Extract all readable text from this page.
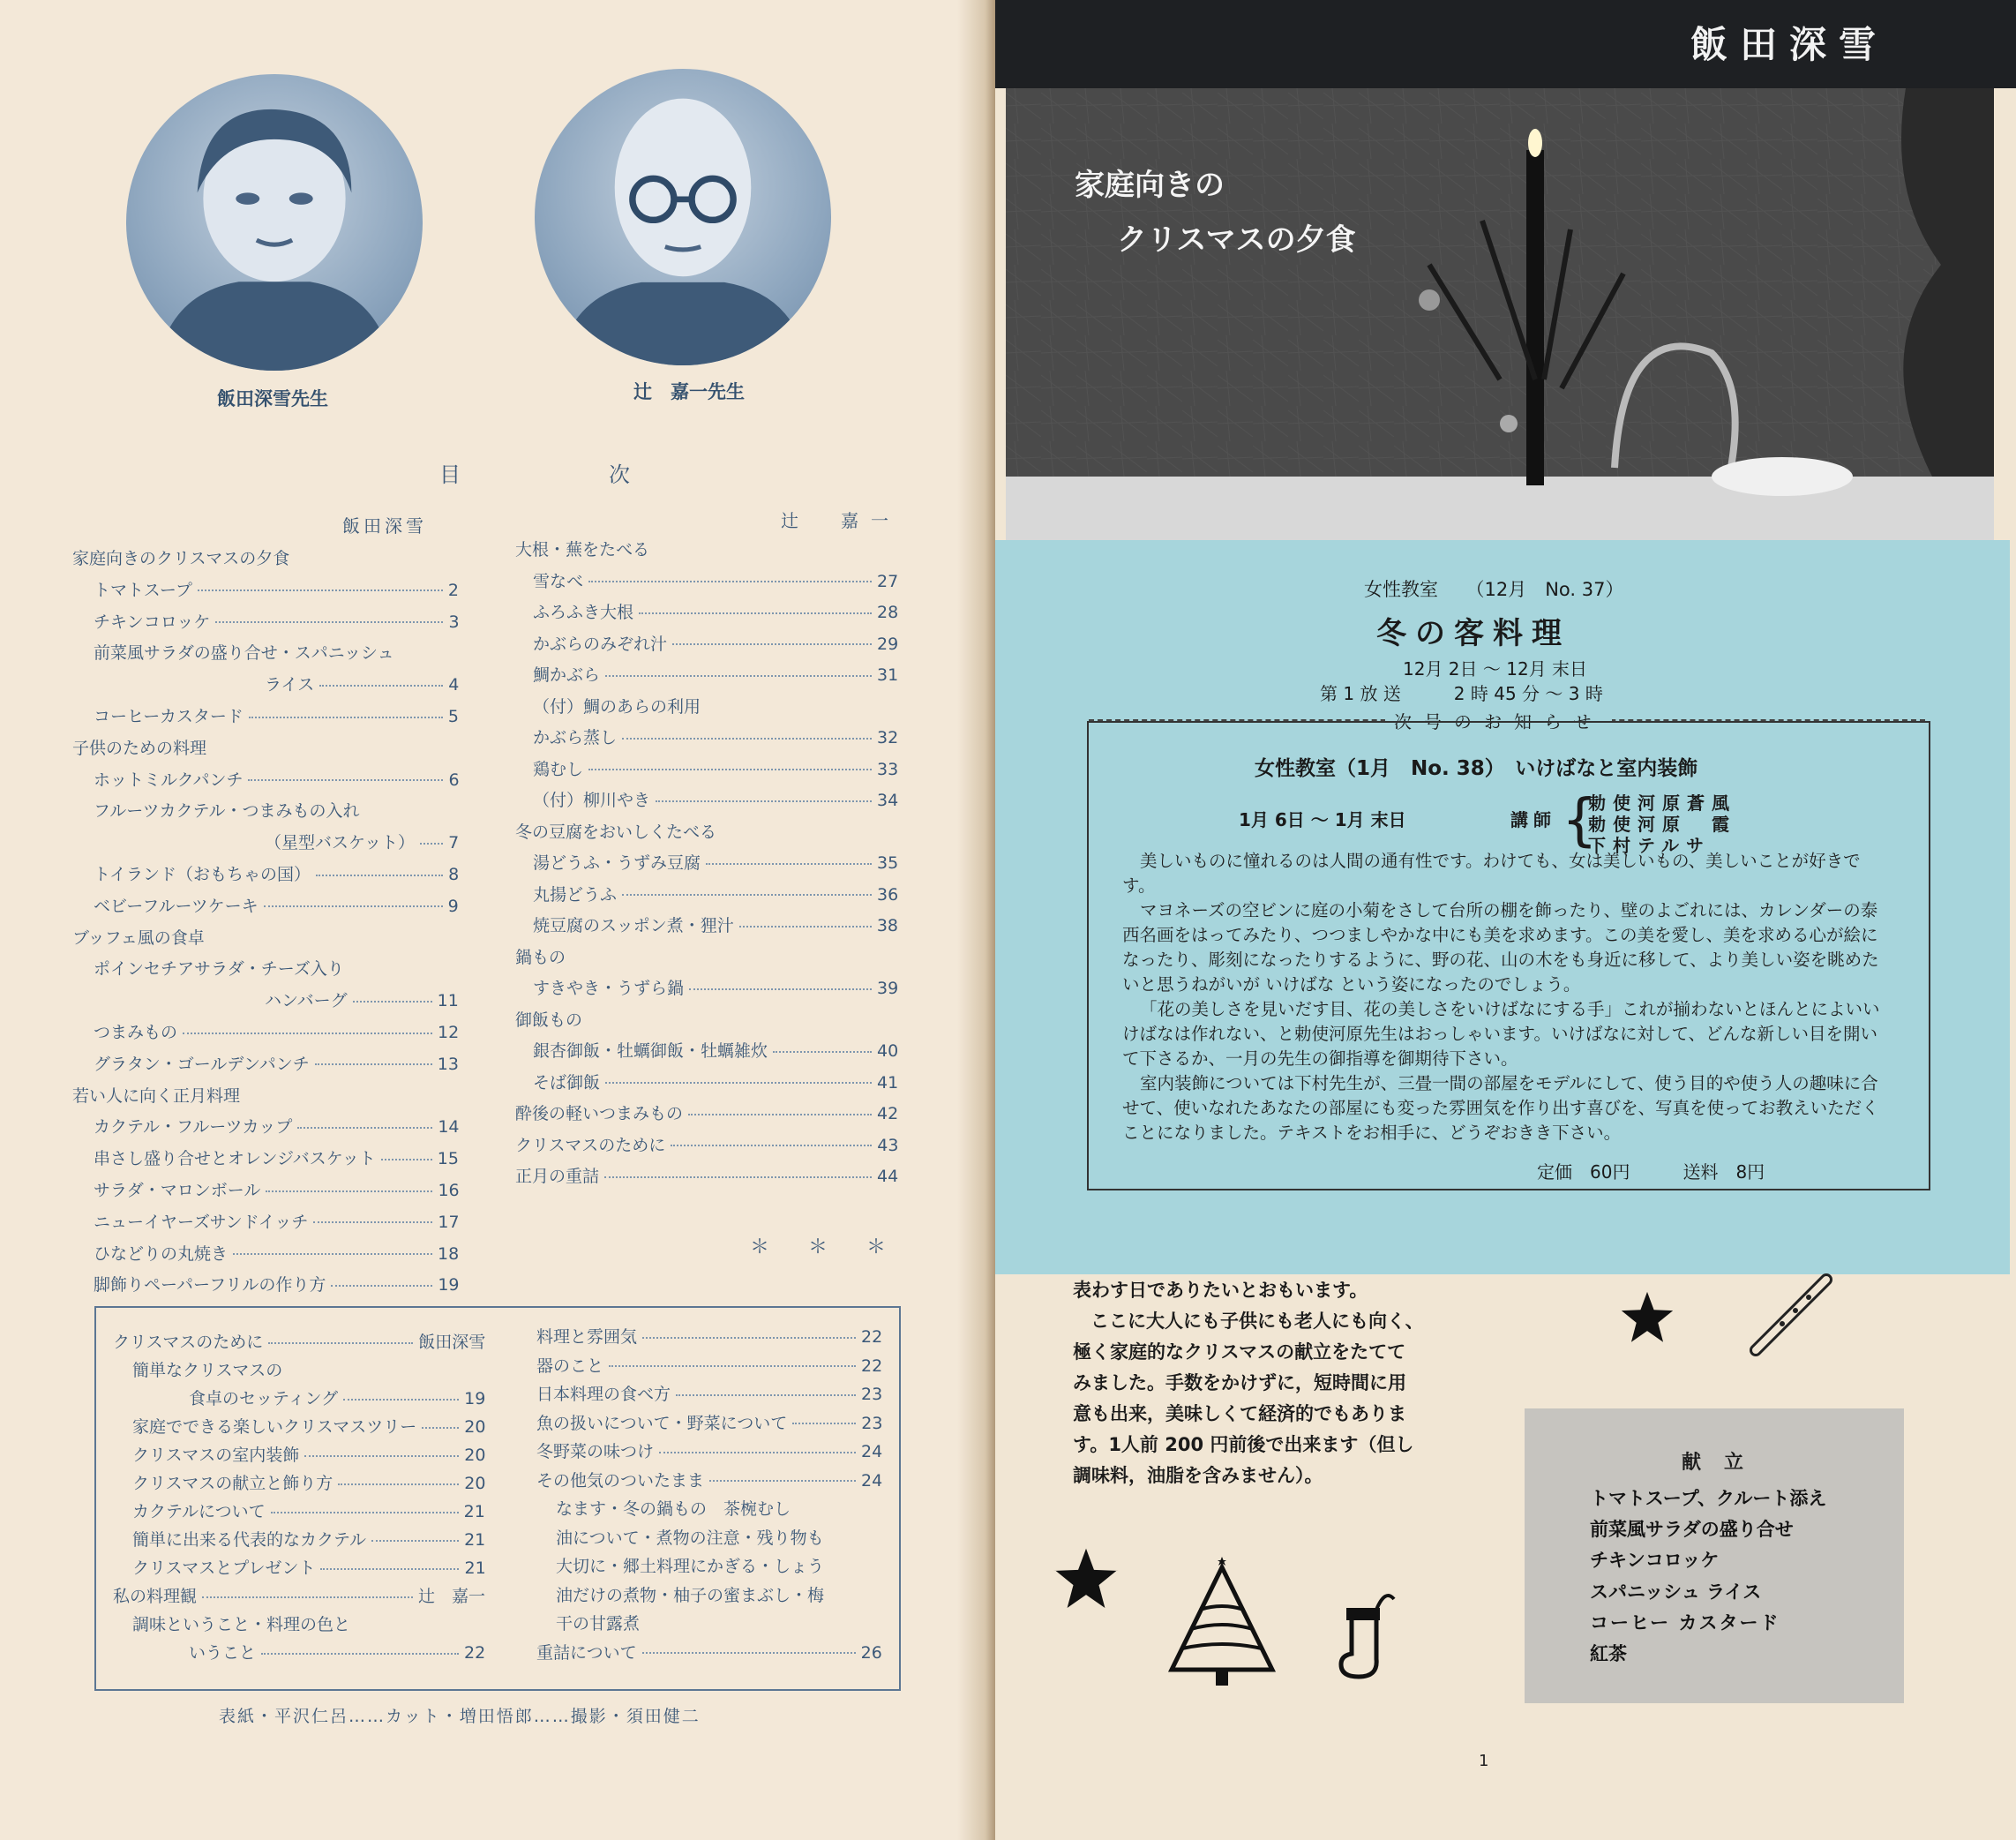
飯田深雪先生	辻　嘉一先生
目　　次
飯田深雪	辻　嘉一
家庭向きのクリスマスの夕食
トマトスープ	2
チキンコロッケ	3
前菜風サラダの盛り合せ・スパニッシュ
ライス	4
コーヒーカスタード	5
子供のための料理
ホットミルクパンチ	6
フルーツカクテル・つまみもの入れ
（星型バスケット） 7
トイランド（おもちゃの国）	8
ベビーフルーツケーキ	9
ブッフェ風の食卓
ポインセチアサラダ・チーズ入り
ハンバーグ	11
つまみもの	12
グラタン・ゴールデンパンチ	13
若い人に向く正月料理
カクテル・フルーツカップ	14
串さし盛り合せとオレンジバスケット	15
サラダ・マロンボール	16
ニューイヤーズサンドイッチ	17
ひなどりの丸焼き	18
脚飾りペーパーフリルの作り方	19
大根・蕪をたべる
雪なべ	27
ふろふき大根	28
かぶらのみぞれ汁	29
鯛かぶら	31
（付）鯛のあらの利用
かぶら蒸し	32
鶏むし	33
（付）柳川やき	34
冬の豆腐をおいしくたべる
湯どうふ・うずみ豆腐	35
丸揚どうふ	36
焼豆腐のスッポン煮・狸汁	38
鍋もの
すきやき・うずら鍋	39
御飯もの
銀杏御飯・牡蠣御飯・牡蠣雑炊	40
そば御飯	41
酔後の軽いつまみもの	42
クリスマスのために	43
正月の重詰	44
＊　　＊　　＊
クリスマスのために	飯田深雪
簡単なクリスマスの
食卓のセッティング	19
家庭でできる楽しいクリスマスツリー	20
クリスマスの室内装飾	20
クリスマスの献立と飾り方	20
カクテルについて	21
簡単に出来る代表的なカクテル	21
クリスマスとプレゼント	21
私の料理観	辻　嘉一
調味ということ・料理の色と
いうこと	22
料理と雰囲気	22
器のこと	22
日本料理の食べ方	23
魚の扱いについて・野菜について	23
冬野菜の味つけ	24
その他気のついたまま	24
なます・冬の鍋もの　茶椀むし
油について・煮物の注意・残り物も
大切に・郷土料理にかぎる・しょう
油だけの煮物・柚子の蜜まぶし・梅
干の甘露煮
重詰について	26
表紙・平沢仁呂……カット・増田悟郎……撮影・須田健二
飯田深雪
家庭向きの
クリスマスの夕食
女性教室　　（12月　No. 37）
冬の客料理
12月 2日 〜 12月 末日
第 1 放 送　　　2 時 45 分 〜 3 時
次号のお知らせ
女性教室（1月　No. 38）　いけばなと室内装飾
1月 6日 〜 1月 末日	講師 {
勅使河原蒼風
勅使河原　霞
下村テルサ

美しいものに憧れるのは人間の通有性です。わけても、女は美しいもの、美しいことが好きです。

マヨネーズの空ビンに庭の小菊をさして台所の棚を飾ったり、壁のよごれには、カレンダーの泰西名画をはってみたり、つつましやかな中にも美を求めます。この美を愛し、美を求める心が絵になったり、彫刻になったりするように、野の花、山の木をも身近に移して、より美しい姿を眺めたいと思うねがいが いけばな という姿になったのでしょう。

「花の美しさを見いだす目、花の美しさをいけばなにする手」これが揃わないとほんとによいいけばなは作れない、と勅使河原先生はおっしゃいます。いけばなに対して、どんな新しい目を開いて下さるか、一月の先生の御指導を御期待下さい。

室内装飾については下村先生が、三畳一間の部屋をモデルにして、使う目的や使う人の趣味に合せて、使いなれたあなたの部屋にも変った雰囲気を作り出す喜びを、写真を使ってお教えいただくことになりました。テキストをお相手に、どうぞおきき下さい。

定価　60円　　　送料　8円
表わす日でありたいとおもいます。
ここに大人にも子供にも老人にも向く、
極く家庭的なクリスマスの献立をたてて
みました。手数をかけずに，短時間に用
意も出来，美味しくて経済的でもありま
す。1人前 200 円前後で出来ます（但し
調味料，油脂を含みません）。
献立
トマトスープ、クルート添え
前菜風サラダの盛り合せ
チキンコロッケ
スパニッシュ ライス
コーヒー カスタード
紅茶
1
